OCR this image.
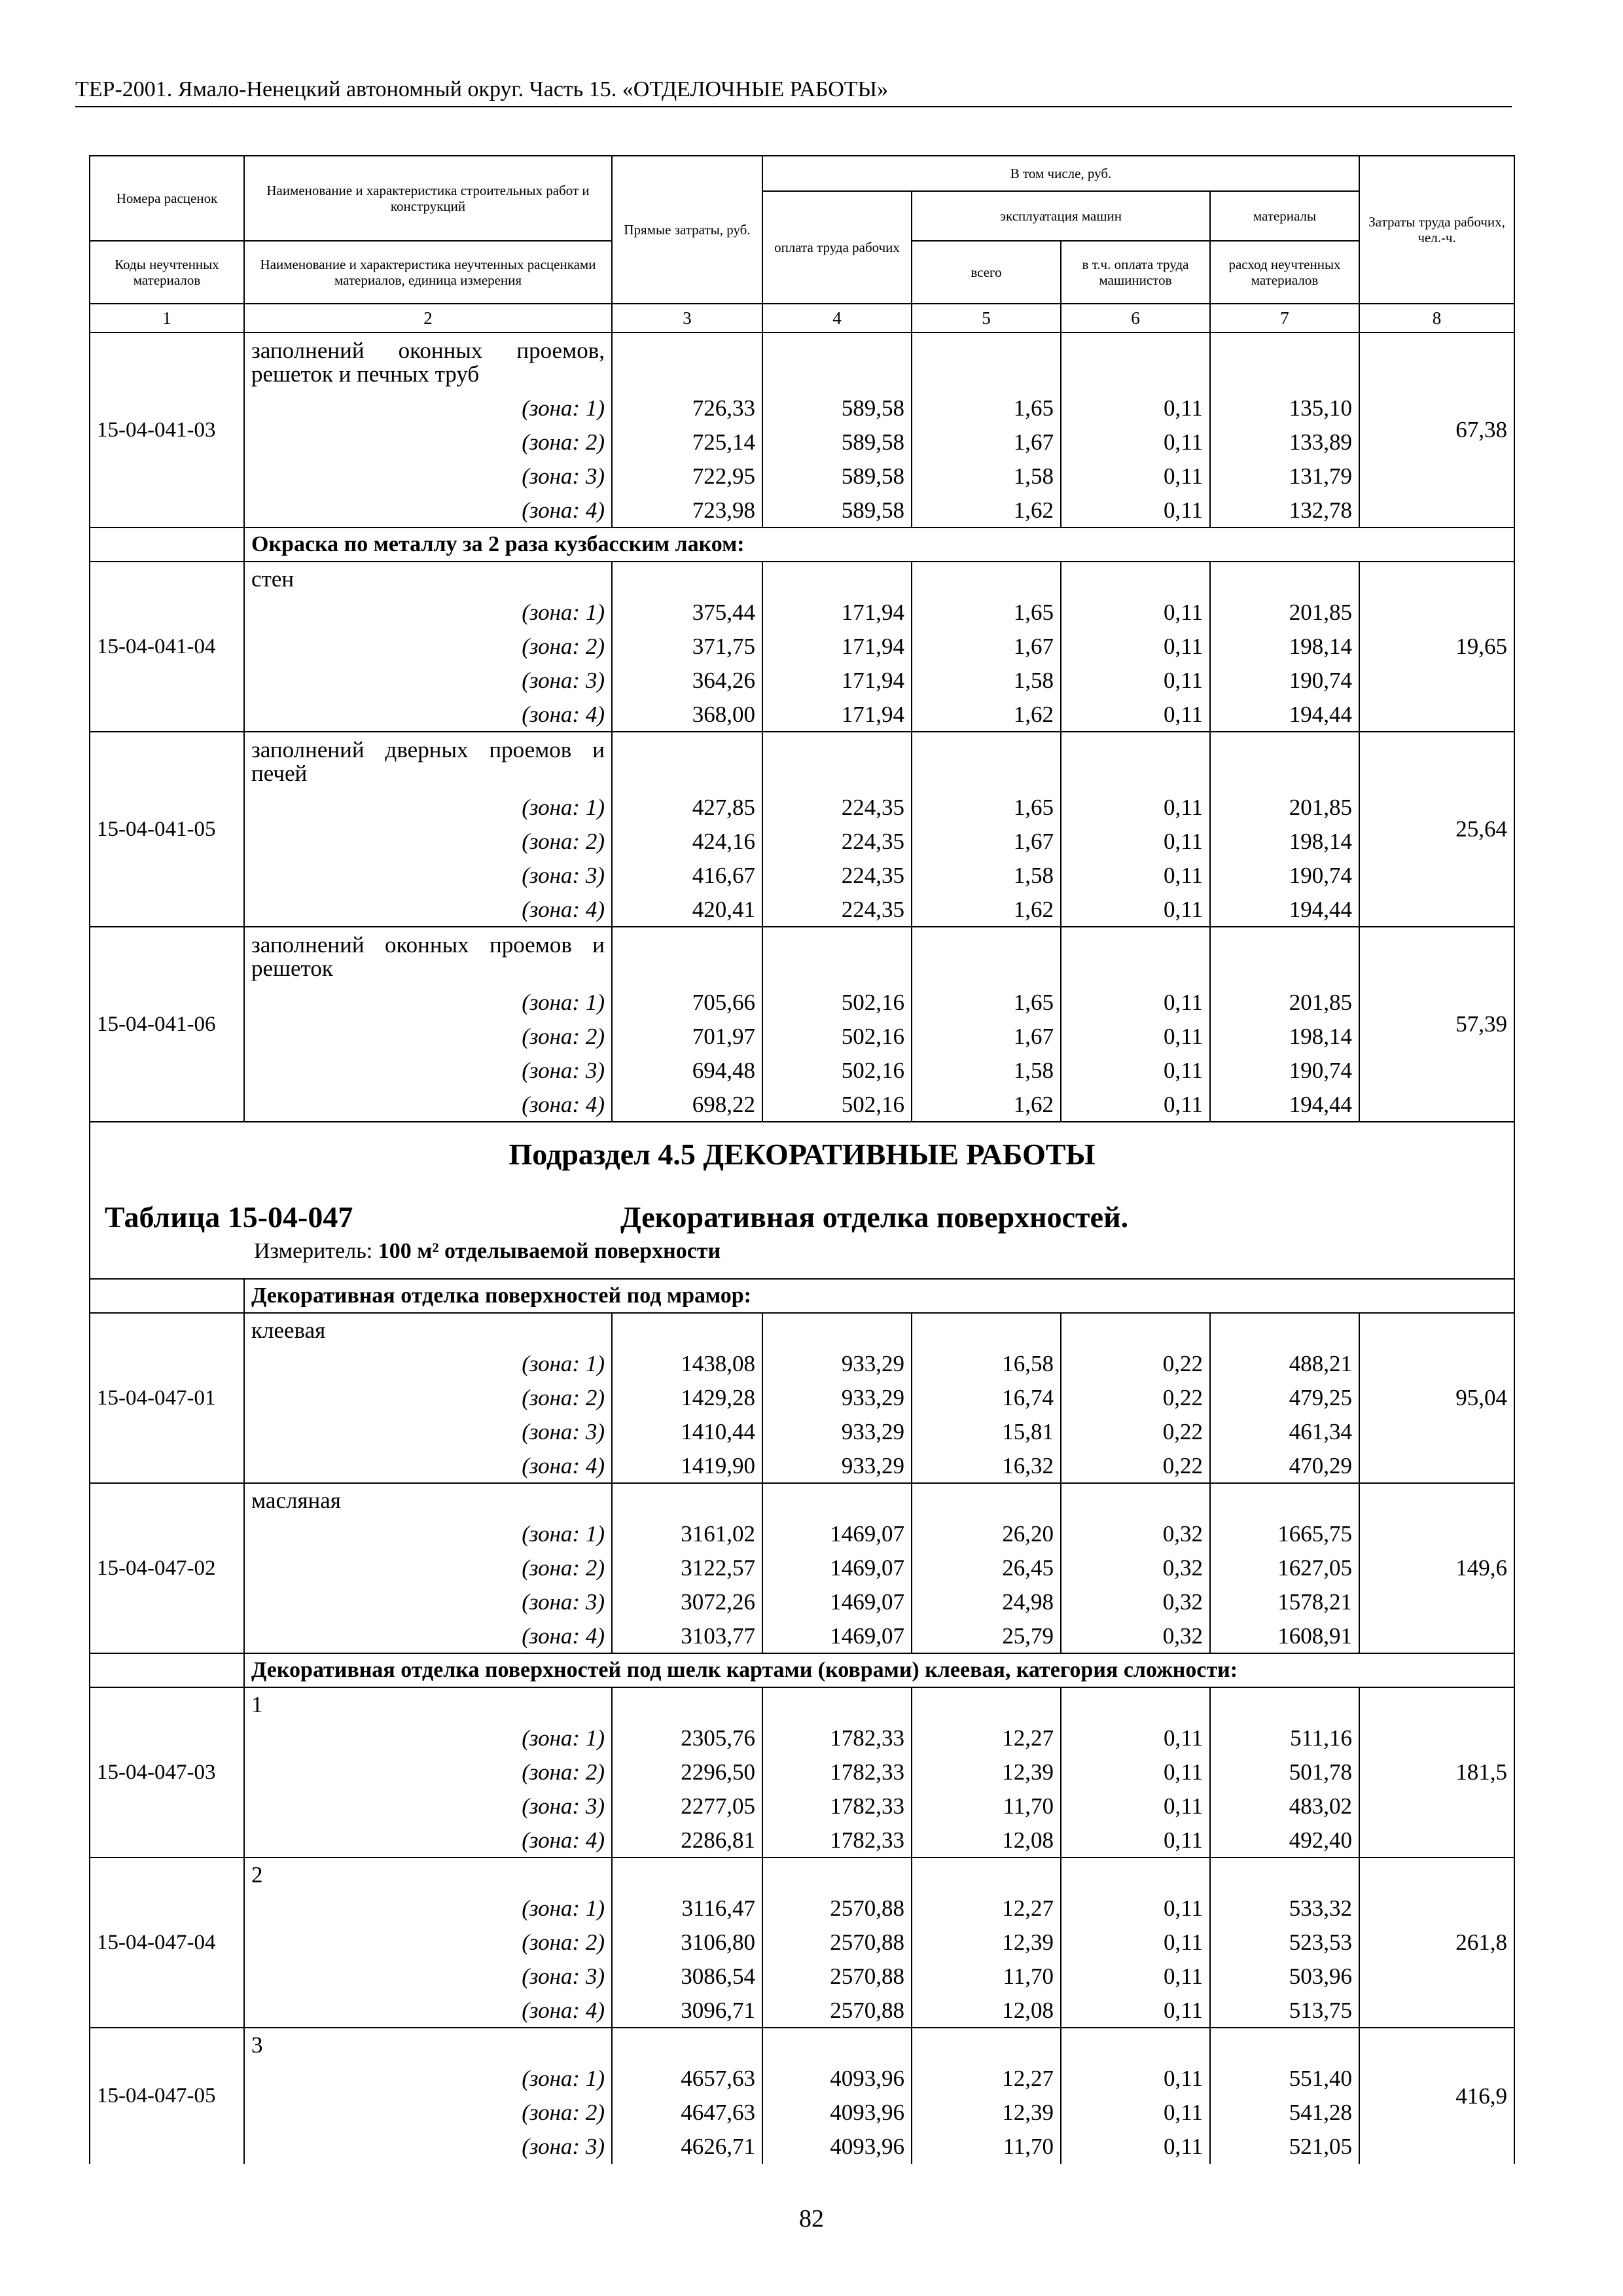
ТЕР-2001. Ямало-Ненецкий автономный округ. Часть 15. «ОТДЕЛОЧНЫЕ РАБОТЫ»
Номера расценок	Наименование и характеристика строительных работ и конструкций	Прямые затраты, руб.	В том числе, руб.				Затраты труда рабочих, чел.-ч.
			оплата труда рабочих	эксплуатация машин		материалы	
Коды неучтенных материалов	Наименование и характеристика неучтенных расценками материалов, единица измерения			всего	в т.ч. оплата труда машинистов	расход неучтенных материалов	

1	2	3	4	5	6	7	8
15-04-041-03	заполнений оконных проемов, решеток и печных труб						67,38
	(зона: 1)	726,33	589,58	1,65	0,11	135,10	
	(зона: 2)	725,14	589,58	1,67	0,11	133,89	
	(зона: 3)	722,95	589,58	1,58	0,11	131,79	
	(зона: 4)	723,98	589,58	1,62	0,11	132,78	
	Окраска по металлу за 2 раза кузбасским лаком:						
15-04-041-04	стен						19,65
	(зона: 1)	375,44	171,94	1,65	0,11	201,85	
	(зона: 2)	371,75	171,94	1,67	0,11	198,14	
	(зона: 3)	364,26	171,94	1,58	0,11	190,74	
	(зона: 4)	368,00	171,94	1,62	0,11	194,44	
15-04-041-05	заполнений дверных проемов и печей						25,64
	(зона: 1)	427,85	224,35	1,65	0,11	201,85	
	(зона: 2)	424,16	224,35	1,67	0,11	198,14	
	(зона: 3)	416,67	224,35	1,58	0,11	190,74	
	(зона: 4)	420,41	224,35	1,62	0,11	194,44	
15-04-041-06	заполнений оконных проемов и решеток						57,39
	(зона: 1)	705,66	502,16	1,65	0,11	201,85	
	(зона: 2)	701,97	502,16	1,67	0,11	198,14	
	(зона: 3)	694,48	502,16	1,58	0,11	190,74	
	(зона: 4)	698,22	502,16	1,62	0,11	194,44	

Подраздел 4.5 ДЕКОРАТИВНЫЕ РАБОТЫ
Таблица 15-04-047 Декоративная отделка поверхностей.
Измеритель: 100 м² отделываемой поверхности							

	Декоративная отделка поверхностей под мрамор:						
15-04-047-01	клеевая						95,04
	(зона: 1)	1438,08	933,29	16,58	0,22	488,21	
	(зона: 2)	1429,28	933,29	16,74	0,22	479,25	
	(зона: 3)	1410,44	933,29	15,81	0,22	461,34	
	(зона: 4)	1419,90	933,29	16,32	0,22	470,29	
15-04-047-02	масляная						149,6
	(зона: 1)	3161,02	1469,07	26,20	0,32	1665,75	
	(зона: 2)	3122,57	1469,07	26,45	0,32	1627,05	
	(зона: 3)	3072,26	1469,07	24,98	0,32	1578,21	
	(зона: 4)	3103,77	1469,07	25,79	0,32	1608,91	
	Декоративная отделка поверхностей под шелк картами (коврами) клеевая, категория сложности:						
15-04-047-03	1						181,5
	(зона: 1)	2305,76	1782,33	12,27	0,11	511,16	
	(зона: 2)	2296,50	1782,33	12,39	0,11	501,78	
	(зона: 3)	2277,05	1782,33	11,70	0,11	483,02	
	(зона: 4)	2286,81	1782,33	12,08	0,11	492,40	
15-04-047-04	2						261,8
	(зона: 1)	3116,47	2570,88	12,27	0,11	533,32	
	(зона: 2)	3106,80	2570,88	12,39	0,11	523,53	
	(зона: 3)	3086,54	2570,88	11,70	0,11	503,96	
	(зона: 4)	3096,71	2570,88	12,08	0,11	513,75	
15-04-047-05	3						416,9
	(зона: 1)	4657,63	4093,96	12,27	0,11	551,40	
	(зона: 2)	4647,63	4093,96	12,39	0,11	541,28	
	(зона: 3)	4626,71	4093,96	11,70	0,11	521,05	
82
